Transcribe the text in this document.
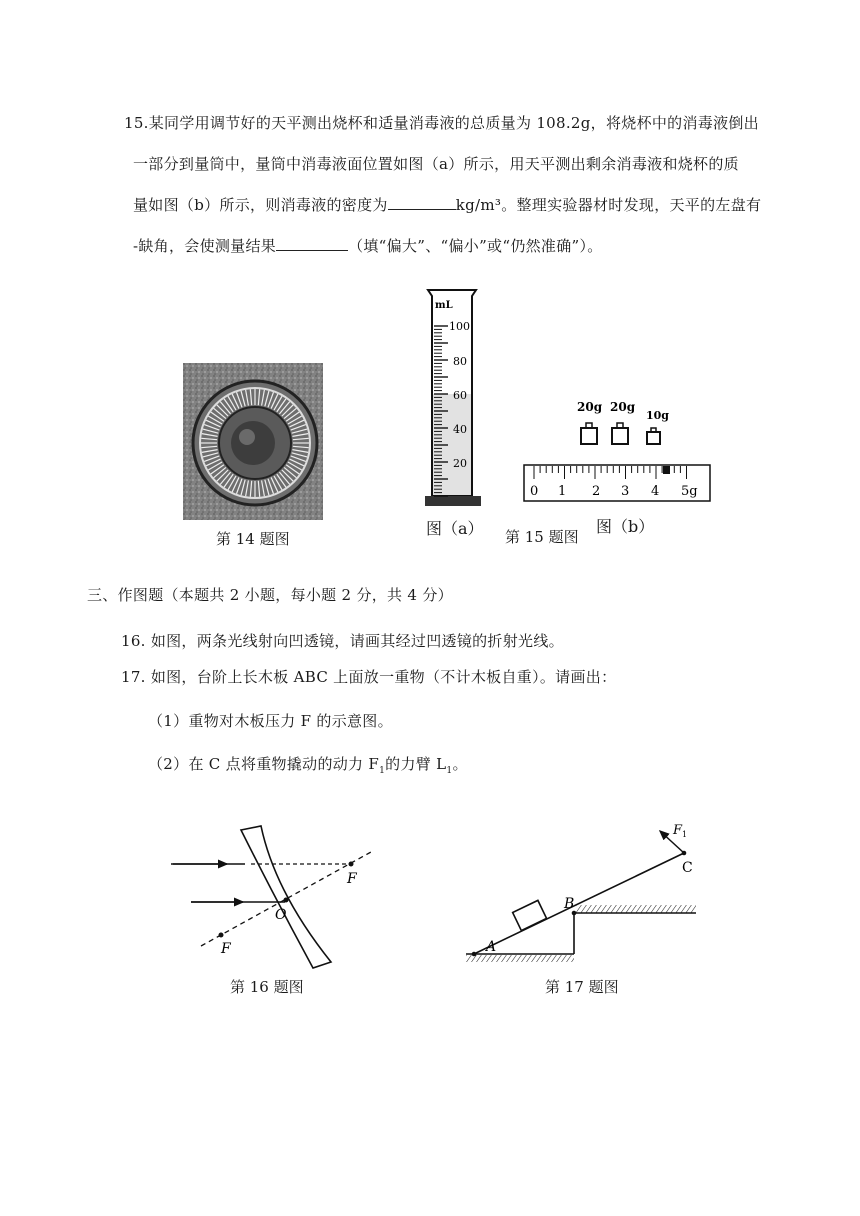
15.某同学用调节好的天平测出烧杯和适量消毒液的总质量为 108.2g，将烧杯中的消毒液倒出
一部分到量筒中，量筒中消毒液面位置如图（a）所示，用天平测出剩余消毒液和烧杯的质
量如图（b）所示，则消毒液的密度为	kg/m³。整理实验器材时发现，天平的左盘有
-缺角，会使测量结果	（填“偏大”、“偏小”或“仍然准确”）。
mL
100
80
60
40
20
20g 20g
10g
0 1 2 3 4 5g
第 14 题图
图（a） 第 15 题图
图（b）
三、作图题（本题共 2 小题，每小题 2 分，共 4 分）
16. 如图，两条光线射向凹透镜，请画其经过凹透镜的折射光线。
17. 如图，台阶上长木板 ABC 上面放一重物（不计木板自重）。请画出：
（1）重物对木板压力 F 的示意图。
（2）在 C 点将重物撬动的动力 $F_1$的力臂 $L_1$。
F
O
F
第 16 题图
A
B
C
F 1
第 17 题图
